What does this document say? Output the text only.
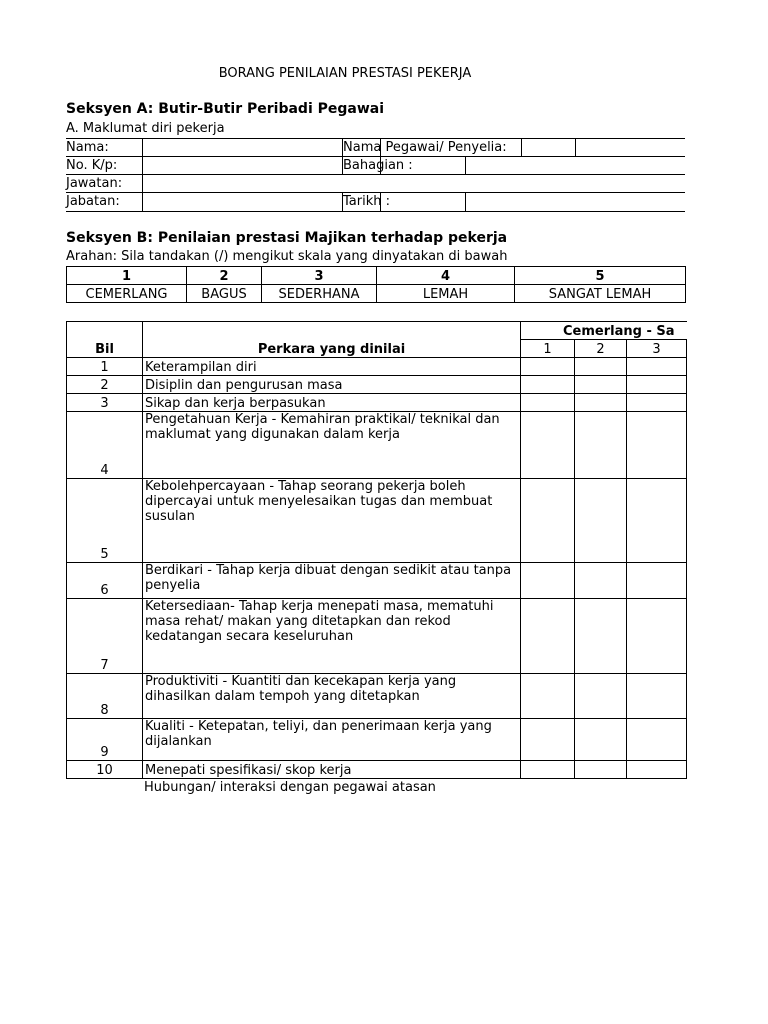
BORANG PENILAIAN PRESTASI PEKERJA
Seksyen A: Butir-Butir Peribadi Pegawai
A. Maklumat diri pekerja
Nama:	Nama Pegawai/ Penyelia:
No. K/p:	Bahagian :
Jawatan:
Jabatan:	Tarikh :
Seksyen B: Penilaian prestasi Majikan terhadap pekerja
Arahan: Sila tandakan (/) mengikut skala yang dinyatakan di bawah
1	2	3	4	5
CEMERLANG	BAGUS	SEDERHANA	LEMAH	SANGAT LEMAH
Bil	Perkara yang dinilai	Cemerlang - Sa		
		1	2	3
1	Keterampilan diri			
2	Disiplin dan pengurusan masa			
3	Sikap dan kerja berpasukan			
4	Pengetahuan Kerja - Kemahiran praktikal/ teknikal dan maklumat yang digunakan dalam kerja			
5	Kebolehpercayaan - Tahap seorang pekerja boleh dipercayai untuk menyelesaikan tugas dan membuat susulan			
6	Berdikari - Tahap kerja dibuat dengan sedikit atau tanpa penyelia			
7	Ketersediaan- Tahap kerja menepati masa, mematuhi masa rehat/ makan yang ditetapkan dan rekod kedatangan secara keseluruhan			
8	Produktiviti - Kuantiti dan kecekapan kerja yang dihasilkan dalam tempoh yang ditetapkan			
9	Kualiti - Ketepatan, teliyi, dan penerimaan kerja yang dijalankan			
10	Menepati spesifikasi/ skop kerja			
Hubungan/ interaksi dengan pegawai atasan
